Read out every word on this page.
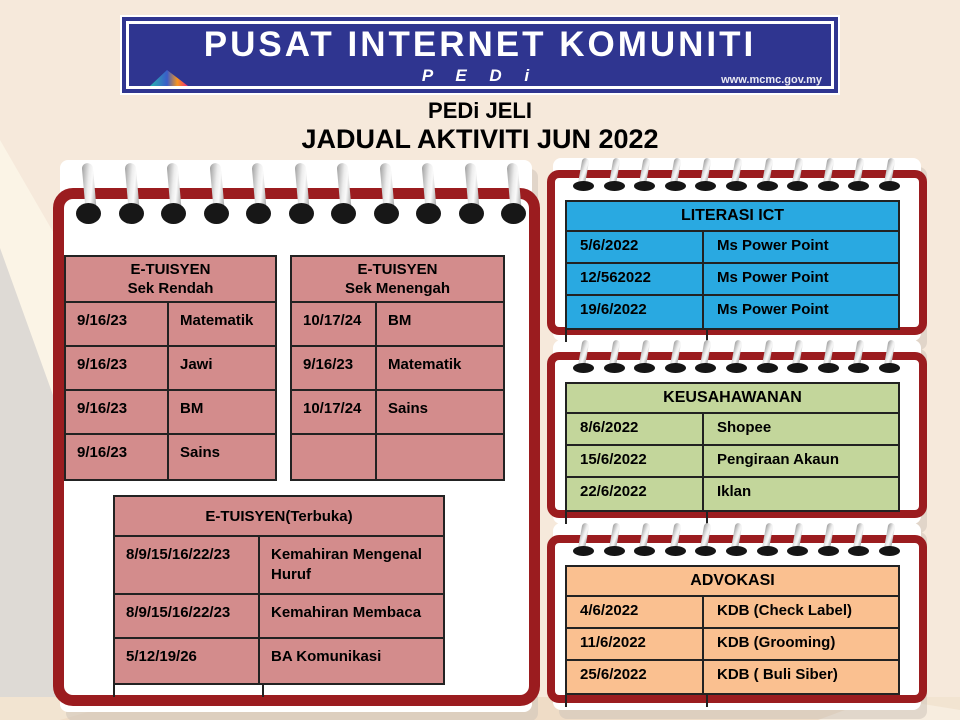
PUSAT INTERNET KOMUNITI
P E D i	www.mcmc.gov.my
PEDi JELI
JADUAL AKTIVITI JUN 2022
E-TUISYEN
Sek Rendah
9/16/23	Matematik
9/16/23	Jawi
9/16/23	BM
9/16/23	Sains
E-TUISYEN
Sek Menengah
10/17/24	BM
9/16/23	Matematik
10/17/24	Sains
E-TUISYEN(Terbuka)
8/9/15/16/22/23	Kemahiran Mengenal Huruf
8/9/15/16/22/23	Kemahiran Membaca
5/12/19/26	BA Komunikasi
LITERASI ICT
5/6/2022	Ms Power Point
12/562022	Ms Power Point
19/6/2022	Ms Power Point
KEUSAHAWANAN
8/6/2022	Shopee
15/6/2022	Pengiraan Akaun
22/6/2022	Iklan
ADVOKASI
4/6/2022	KDB (Check Label)
11/6/2022	KDB (Grooming)
25/6/2022	KDB ( Buli Siber)
